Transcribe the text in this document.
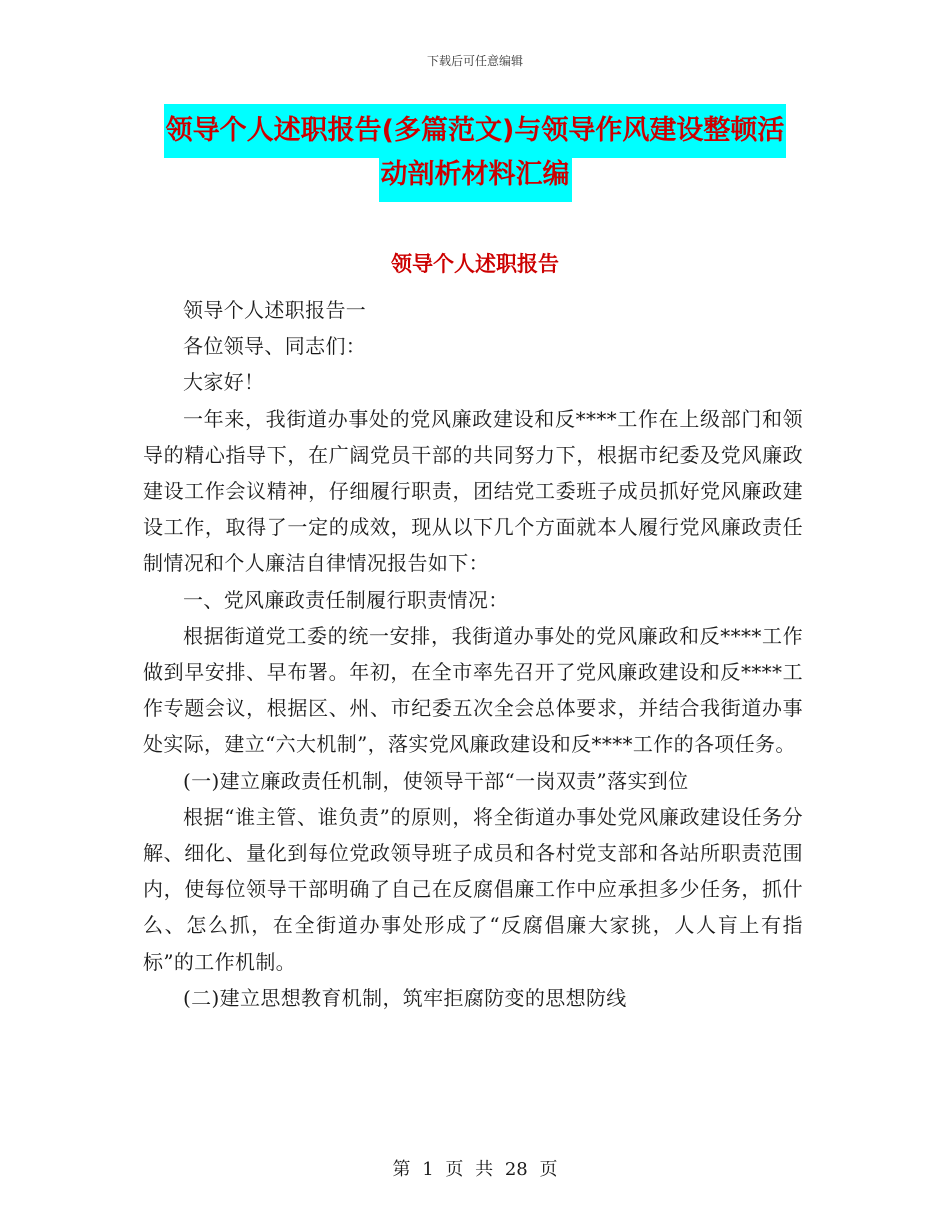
下载后可任意编辑
领导个人述职报告(多篇范文)与领导作风建设整顿活
动剖析材料汇编
领导个人述职报告

领导个人述职报告一

各位领导、同志们：

大家好！

一年来，我街道办事处的党风廉政建设和反****工作在上级部门和领导的精心指导下，在广阔党员干部的共同努力下，根据市纪委及党风廉政建设工作会议精神，仔细履行职责，团结党工委班子成员抓好党风廉政建设工作，取得了一定的成效，现从以下几个方面就本人履行党风廉政责任制情况和个人廉洁自律情况报告如下：

一、党风廉政责任制履行职责情况：

根据街道党工委的统一安排，我街道办事处的党风廉政和反****工作做到早安排、早布署。年初，在全市率先召开了党风廉政建设和反****工作专题会议，根据区、州、市纪委五次全会总体要求，并结合我街道办事处实际，建立“六大机制”，落实党风廉政建设和反****工作的各项任务。

(一)建立廉政责任机制，使领导干部“一岗双责”落实到位

根据“谁主管、谁负责”的原则，将全街道办事处党风廉政建设任务分解、细化、量化到每位党政领导班子成员和各村党支部和各站所职责范围内，使每位领导干部明确了自己在反腐倡廉工作中应承担多少任务，抓什么、怎么抓，在全街道办事处形成了“反腐倡廉大家挑，人人肓上有指标”的工作机制。

(二)建立思想教育机制，筑牢拒腐防变的思想防线

第 1 页 共 28 页
